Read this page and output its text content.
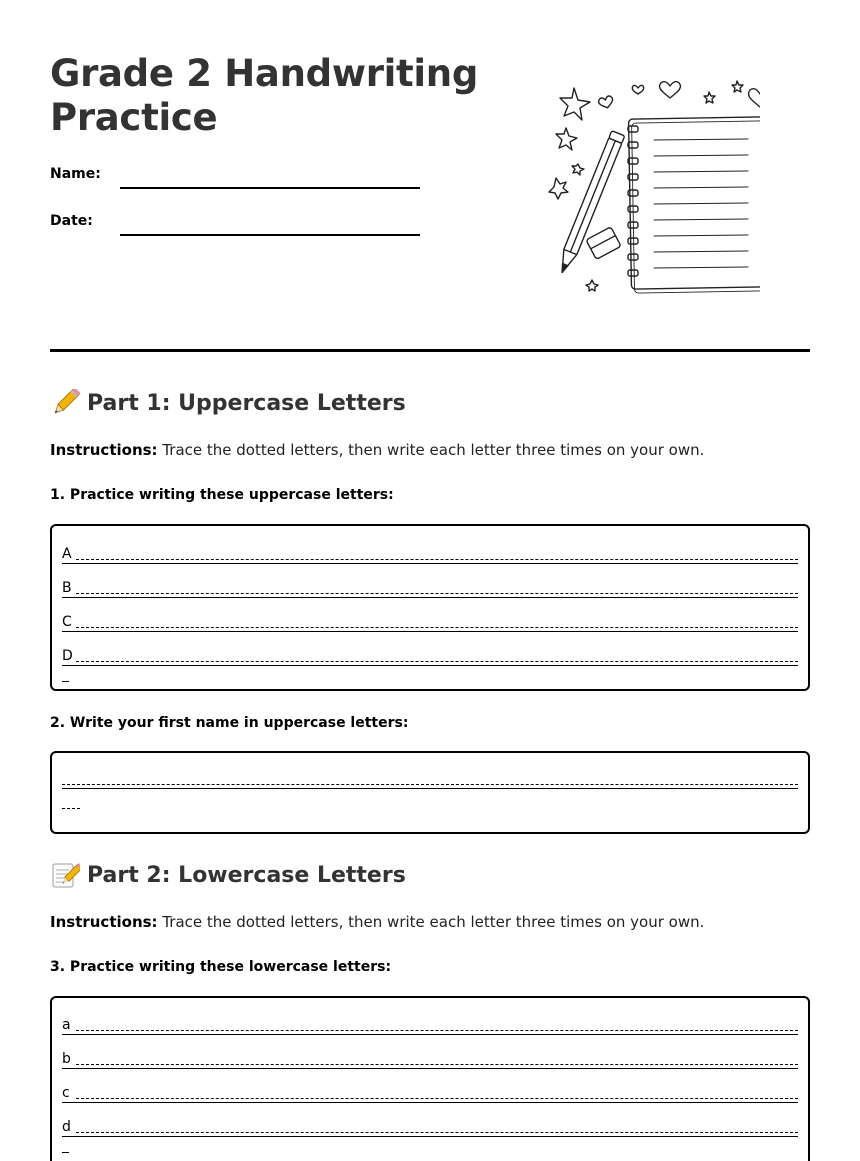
Grade 2 Handwriting
Practice
Name:
Date:
Part 1: Uppercase Letters
Instructions: Trace the dotted letters, then write each letter three times on your own.
1. Practice writing these uppercase letters:
A
B
C
D
2. Write your first name in uppercase letters:
Part 2: Lowercase Letters
Instructions: Trace the dotted letters, then write each letter three times on your own.
3. Practice writing these lowercase letters:
a
b
c
d
